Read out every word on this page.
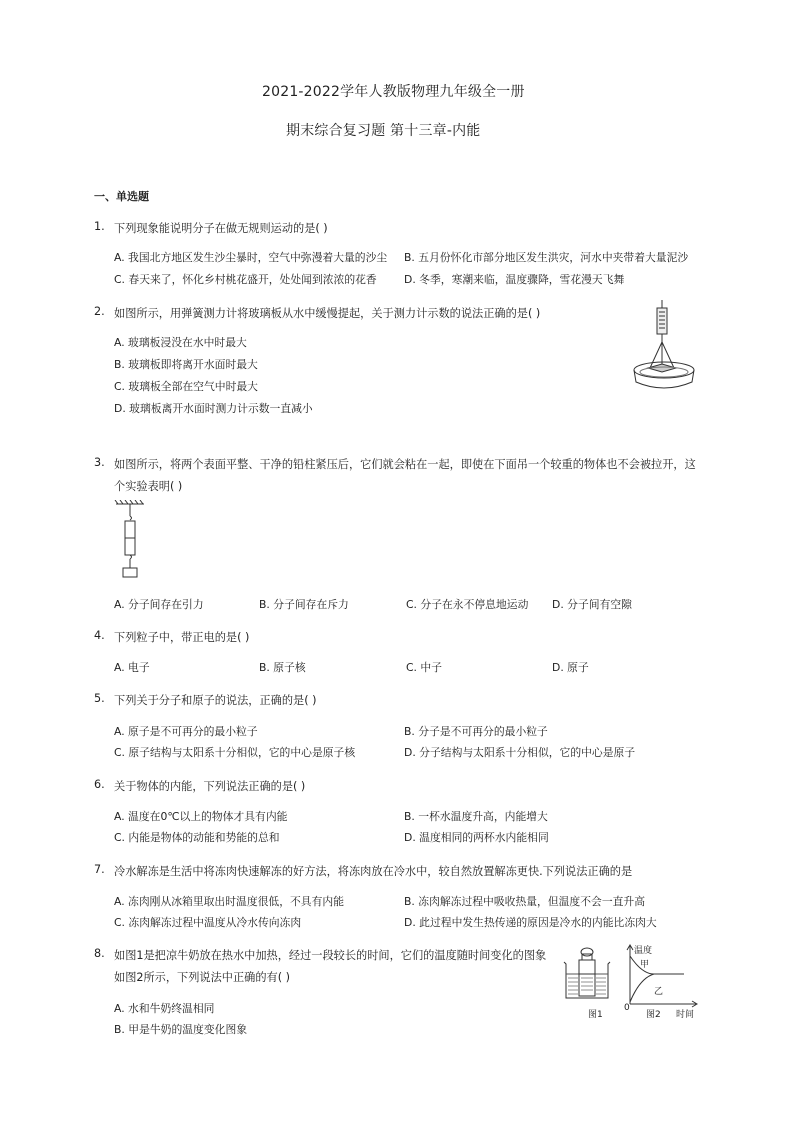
2021-2022学年人教版物理九年级全一册
期末综合复习题 第十三章-内能
一、单选题
1. 下列现象能说明分子在做无规则运动的是( )
A. 我国北方地区发生沙尘暴时，空气中弥漫着大量的沙尘 B. 五月份怀化市部分地区发生洪灾，河水中夹带着大量泥沙
C. 春天来了，怀化乡村桃花盛开，处处闻到浓浓的花香	D. 冬季，寒潮来临，温度骤降，雪花漫天飞舞
2. 如图所示，用弹簧测力计将玻璃板从水中缓慢提起，关于测力计示数的说法正确的是( )
A. 玻璃板浸没在水中时最大
B. 玻璃板即将离开水面时最大
C. 玻璃板全部在空气中时最大
D. 玻璃板离开水面时测力计示数一直减小
3. 如图所示，将两个表面平整、干净的铅柱紧压后，它们就会粘在一起，即使在下面吊一个较重的物体也不会被拉开，这
个实验表明( )
A. 分子间存在引力	B. 分子间存在斥力	C. 分子在永不停息地运动 D. 分子间有空隙
4. 下列粒子中，带正电的是( )
A. 电子	B. 原子核	C. 中子	D. 原子
5. 下列关于分子和原子的说法，正确的是( )
A. 原子是不可再分的最小粒子	B. 分子是不可再分的最小粒子
C. 原子结构与太阳系十分相似，它的中心是原子核	D. 分子结构与太阳系十分相似，它的中心是原子
6. 关于物体的内能，下列说法正确的是( )
A. 温度在0℃以上的物体才具有内能	B. 一杯水温度升高，内能增大
C. 内能是物体的动能和势能的总和	D. 温度相同的两杯水内能相同
7. 冷水解冻是生活中将冻肉快速解冻的好方法，将冻肉放在冷水中，较自然放置解冻更快.下列说法正确的是
A. 冻肉刚从冰箱里取出时温度很低，不具有内能	B. 冻肉解冻过程中吸收热量，但温度不会一直升高
C. 冻肉解冻过程中温度从冷水传向冻肉	D. 此过程中发生热传递的原因是冷水的内能比冻肉大
8. 如图1是把凉牛奶放在热水中加热，经过一段较长的时间，它们的温度随时间变化的图象
如图2所示，下列说法中正确的有( )
A. 水和牛奶终温相同
B. 甲是牛奶的温度变化图象
温度
甲
乙
0
图1	图2 时间
